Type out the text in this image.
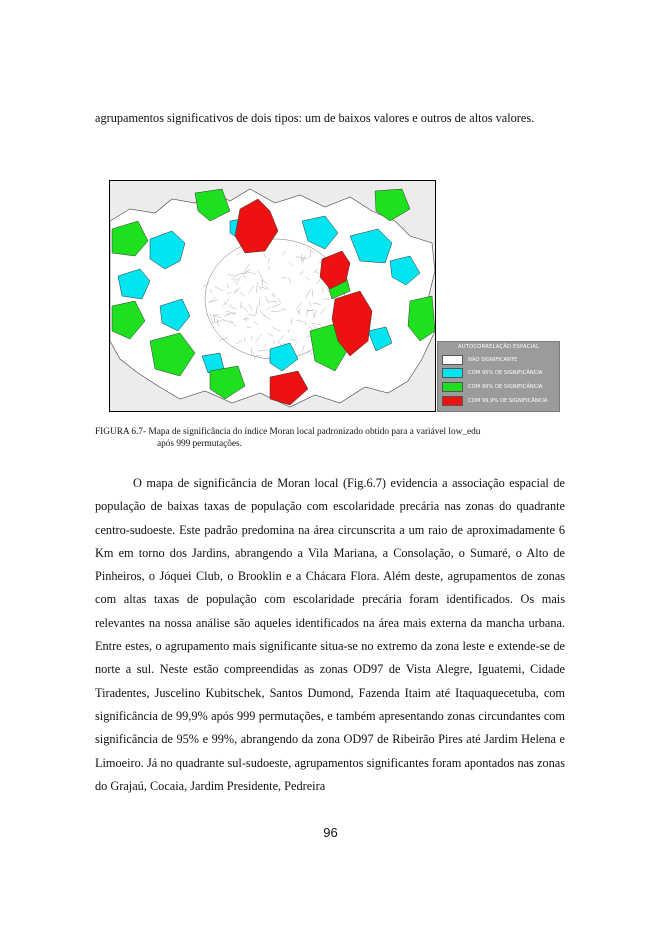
agrupamentos significativos de dois tipos: um de baixos valores e outros de altos valores.

AUTOCORRELAÇÃO ESPACIAL
NÃO SIGNIFICANTE
COM 95% DE SIGNIFICÂNCIA
COM 99% DE SIGNIFICÂNCIA
COM 99,9% DE SIGNIFICÂNCIA
FIGURA 6.7- Mapa de significância do índice Moran local padronizado obtido para a variável low_edu
após 999 permutações.

O mapa de significância de Moran local (Fig.6.7) evidencia a associação espacial de população de baixas taxas de população com escolaridade precária nas zonas do quadrante centro-sudoeste. Este padrão predomina na área circunscrita a um raio de aproximadamente 6 Km em torno dos Jardins, abrangendo a Vila Mariana, a Consolação, o Sumaré, o Alto de Pinheiros, o Jóquei Club, o Brooklin e a Chácara Flora. Além deste, agrupamentos de zonas com altas taxas de população com escolaridade precária foram identificados. Os mais relevantes na nossa análise são aqueles identificados na área mais externa da mancha urbana. Entre estes, o agrupamento mais significante situa-se no extremo da zona leste e extende-se de norte a sul. Neste estão compreendidas as zonas OD97 de Vista Alegre, Iguatemi, Cidade Tiradentes, Juscelino Kubitschek, Santos Dumond, Fazenda Itaim até Itaquaquecetuba, com significância de 99,9% após 999 permutações, e também apresentando zonas circundantes com significância de 95% e 99%, abrangendo da zona OD97 de Ribeirão Pires até Jardim Helena e Limoeiro. Já no quadrante sul-sudoeste, agrupamentos significantes foram apontados nas zonas do Grajaú, Cocaia, Jardim Presidente, Pedreira

96
